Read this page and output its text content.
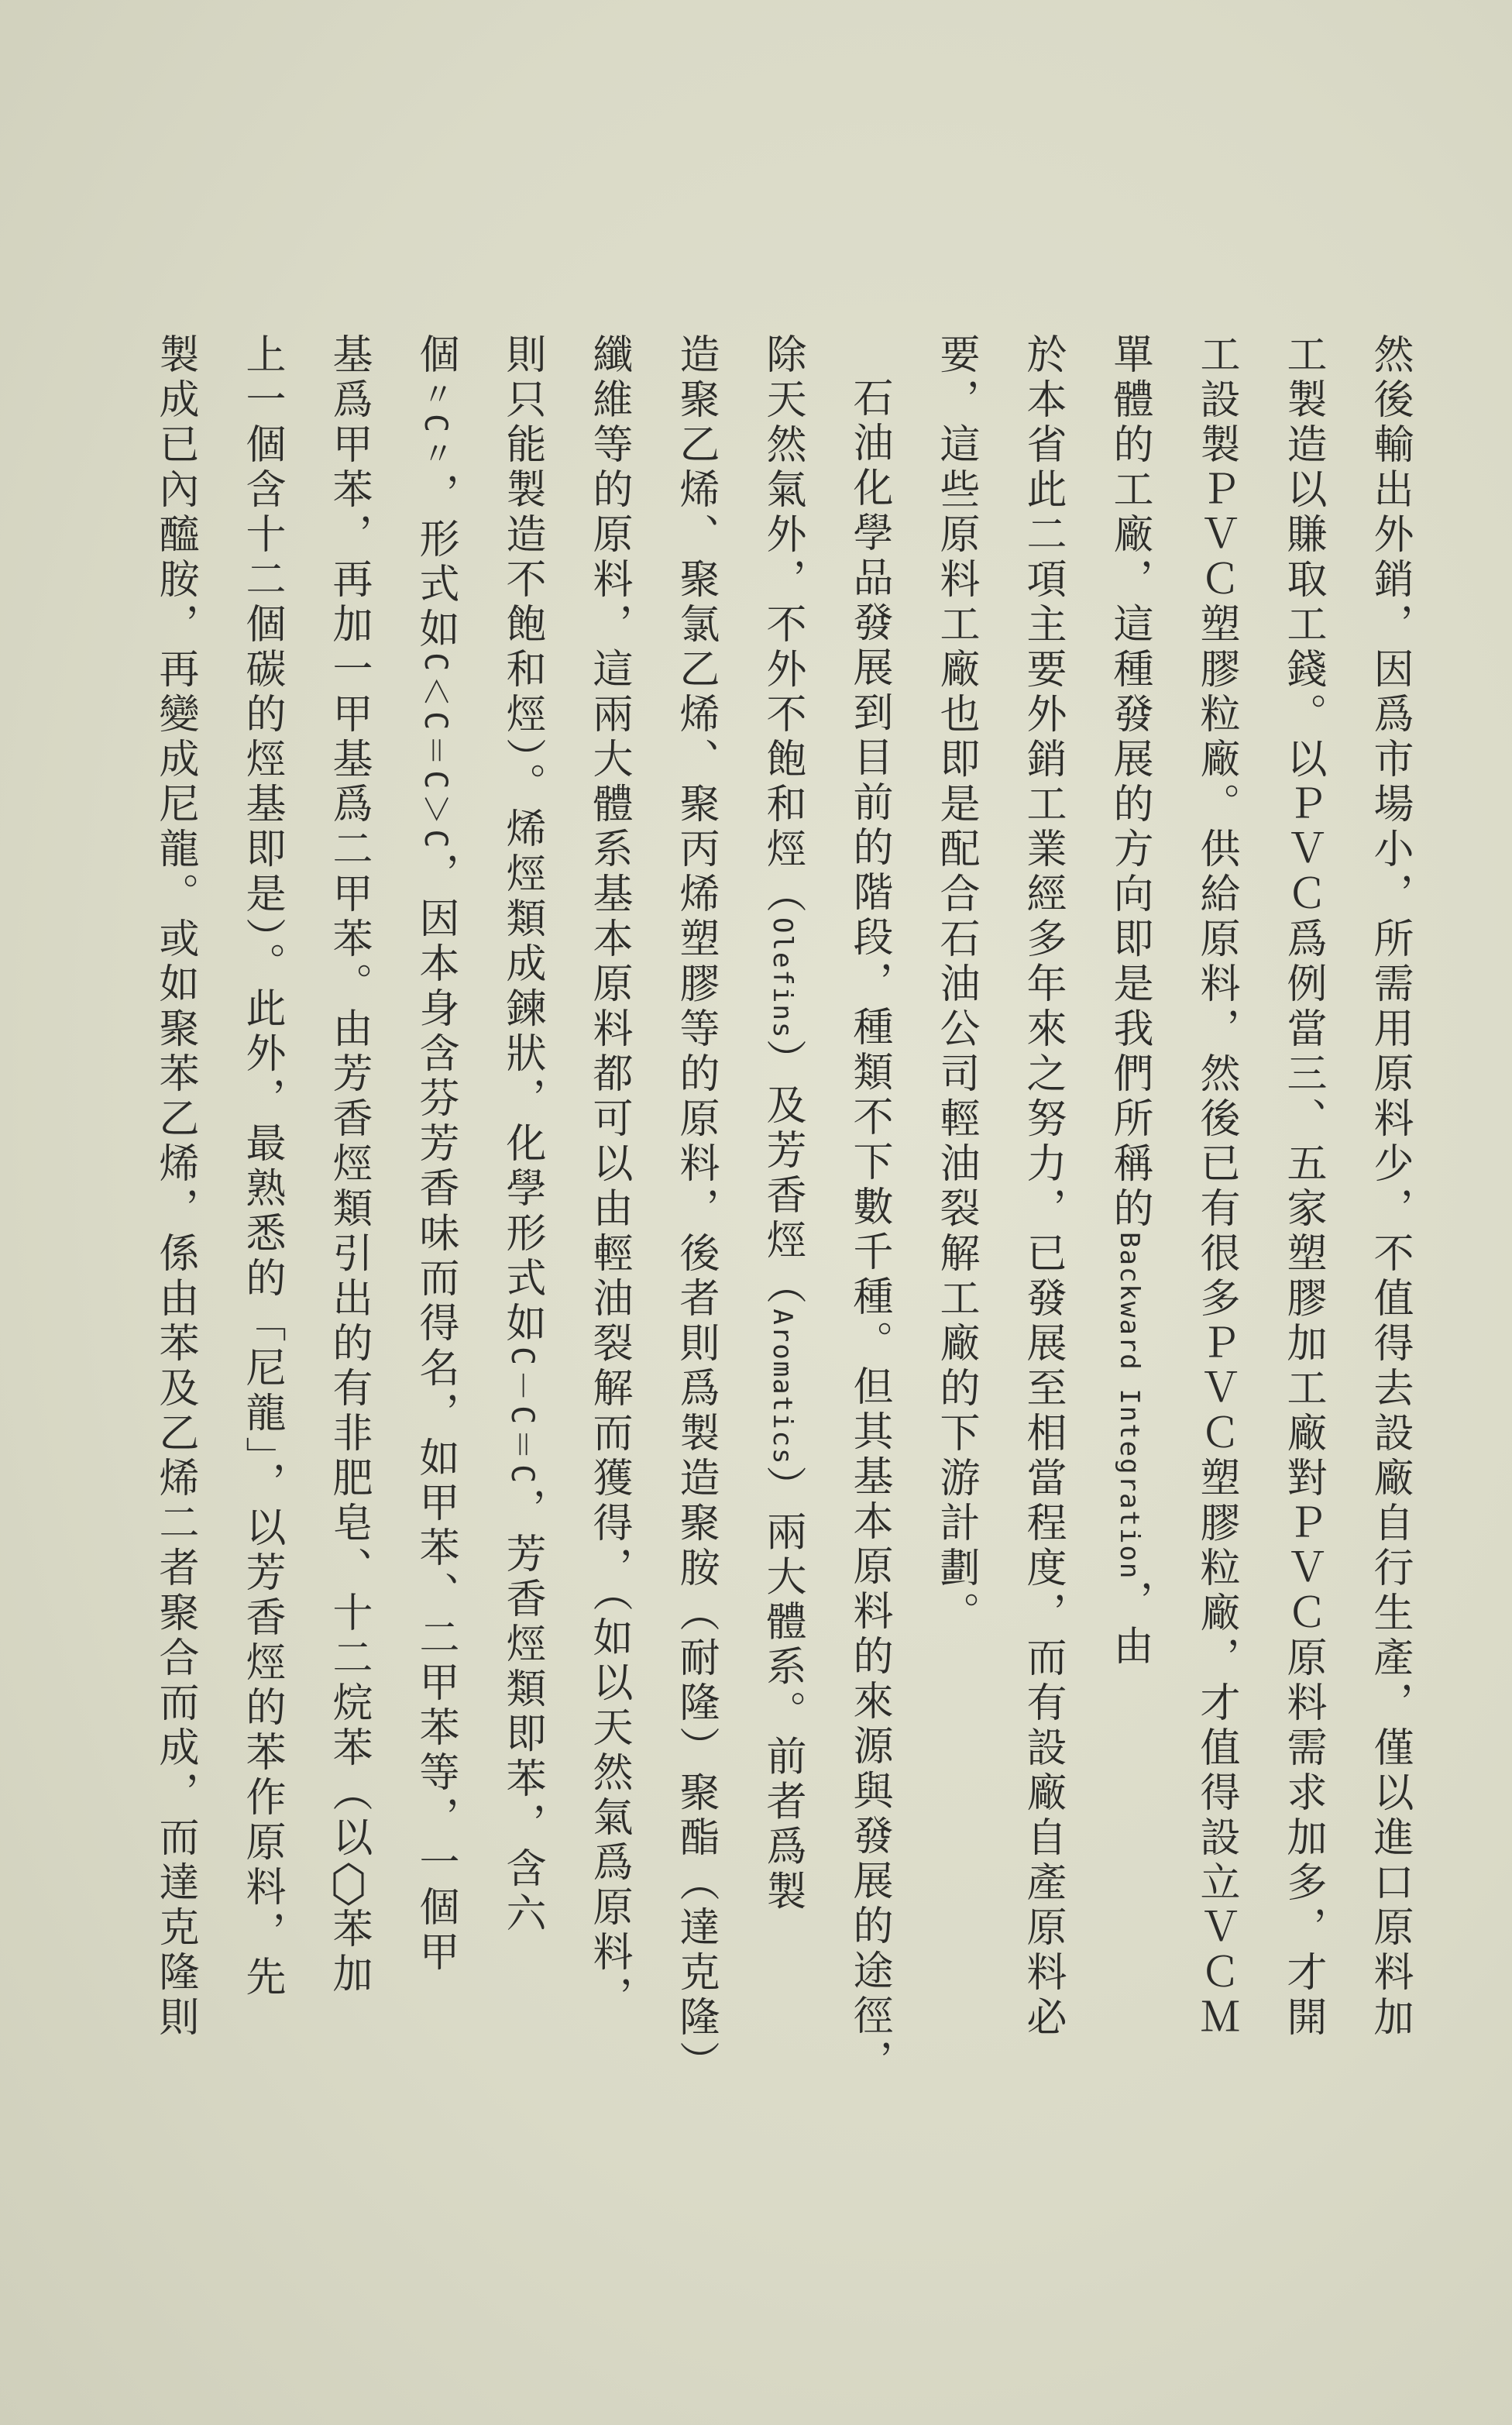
然後輸出外銷，因爲市場小，所需用原料少，不值得去設廠自行生產，僅以進口原料加
工製造以賺取工錢。以ＰＶＣ爲例當三、五家塑膠加工廠對ＰＶＣ原料需求加多，才開
工設製ＰＶＣ塑膠粒廠。供給原料，然後已有很多ＰＶＣ塑膠粒廠，才值得設立ＶＣＭ
單體的工廠，這種發展的方向即是我們所稱的Backward Integration，由
於本省此二項主要外銷工業經多年來之努力，已發展至相當程度，而有設廠自產原料必
要，這些原料工廠也即是配合石油公司輕油裂解工廠的下游計劃。
石油化學品發展到目前的階段，種類不下數千種。但其基本原料的來源與發展的途徑，
除天然氣外，不外不飽和烴（Olefins）及芳香烴（Aromatics）兩大體系。前者爲製
造聚乙烯、聚氯乙烯、聚丙烯塑膠等的原料，後者則爲製造聚胺（耐隆）聚酯（達克隆）
纖維等的原料，這兩大體系基本原料都可以由輕油裂解而獲得，（如以天然氣爲原料，
則只能製造不飽和烴）。烯烴類成鍊狀，化學形式如C－C＝C，芳香烴類即苯，含六
個〃C〃，形式如C＜C＝C＞C，因本身含芬芳香味而得名，如甲苯、二甲苯等，一個甲
基爲甲苯，再加一甲基爲二甲苯。由芳香烴類引出的有非肥皂、十二烷苯（以苯加
上一個含十二個碳的烴基即是）。此外，最熟悉的「尼龍」，以芳香烴的苯作原料，先
製成已內醯胺，再變成尼龍。或如聚苯乙烯，係由苯及乙烯二者聚合而成，而達克隆則
